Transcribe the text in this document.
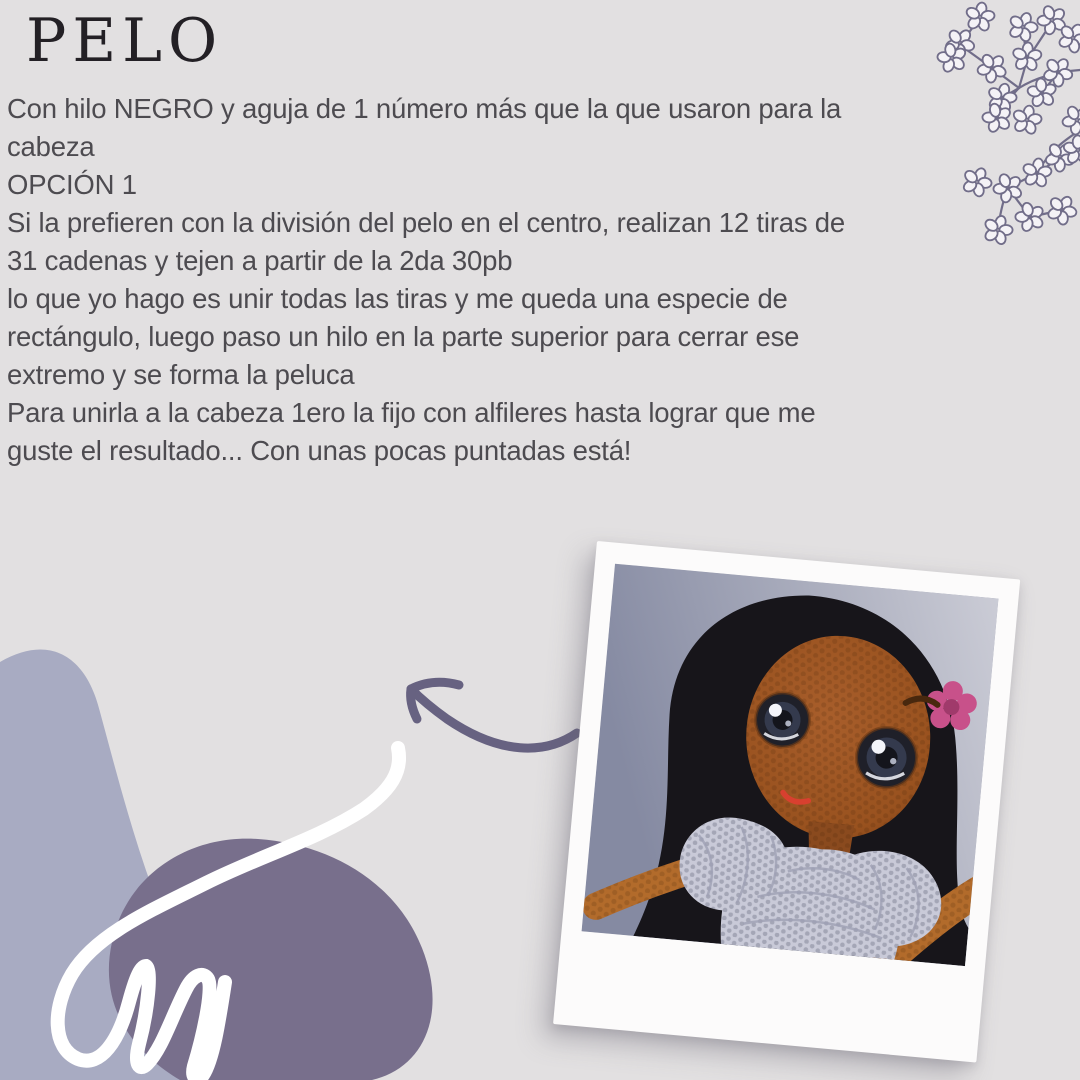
PELO
Con hilo NEGRO y aguja de 1 número más que la que usaron para la
cabeza
OPCIÓN 1
Si la prefieren con la división del pelo en el centro, realizan 12 tiras de
31 cadenas y tejen a partir de la 2da 30pb
lo que yo hago es unir todas las tiras y me queda una especie de
rectángulo, luego paso un hilo en la parte superior para cerrar ese
extremo y se forma la peluca
Para unirla a la cabeza 1ero la fijo con alfileres hasta lograr que me
guste el resultado... Con unas pocas puntadas está!
